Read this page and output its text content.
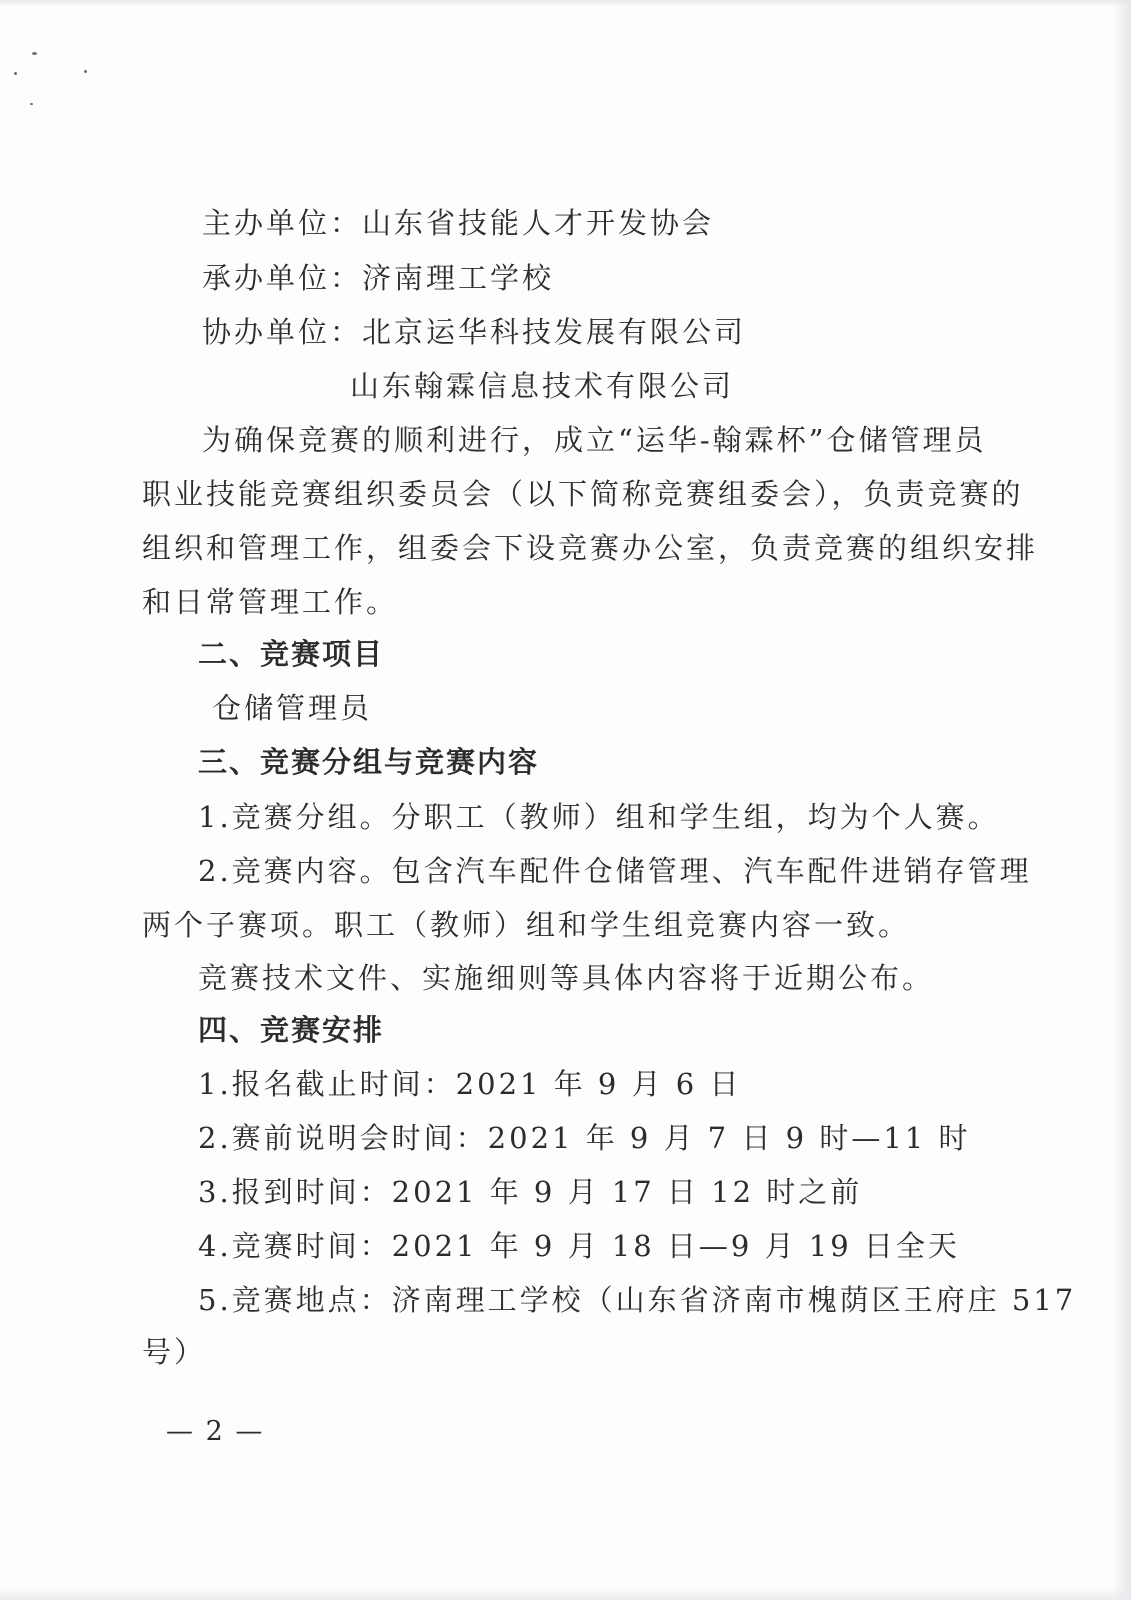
主办单位：山东省技能人才开发协会
承办单位：济南理工学校
协办单位：北京运华科技发展有限公司
山东翰霖信息技术有限公司
为确保竞赛的顺利进行，成立“运华-翰霖杯”仓储管理员
职业技能竞赛组织委员会（以下简称竞赛组委会），负责竞赛的
组织和管理工作，组委会下设竞赛办公室，负责竞赛的组织安排
和日常管理工作。
二、竞赛项目
仓储管理员
三、竞赛分组与竞赛内容
1.竞赛分组。分职工（教师）组和学生组，均为个人赛。
2.竞赛内容。包含汽车配件仓储管理、汽车配件进销存管理
两个子赛项。职工（教师）组和学生组竞赛内容一致。
竞赛技术文件、实施细则等具体内容将于近期公布。
四、竞赛安排
1.报名截止时间：2021 年 9 月 6 日
2.赛前说明会时间：2021 年 9 月 7 日 9 时—11 时
3.报到时间：2021 年 9 月 17 日 12 时之前
4.竞赛时间：2021 年 9 月 18 日—9 月 19 日全天
5.竞赛地点：济南理工学校（山东省济南市槐荫区王府庄 517
号）
— 2 —
